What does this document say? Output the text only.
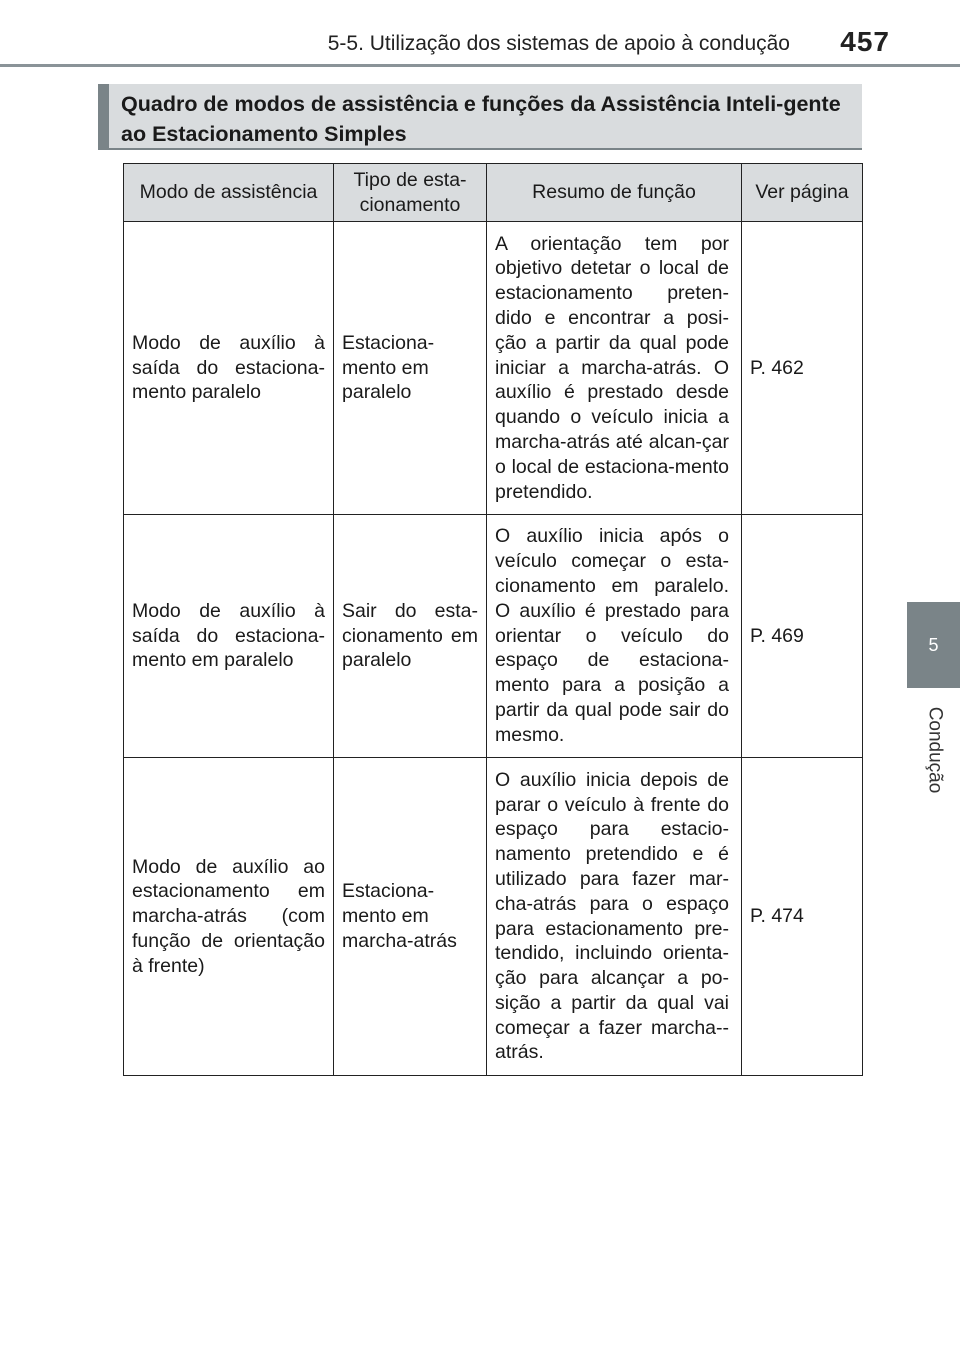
5-5. Utilização dos sistemas de apoio à condução 457
5
Condução
Quadro de modos de assistência e funções da Assistência Inteli-gente ao Estacionamento Simples
Modo de assistência	Tipo de esta-cionamento	Resumo de função	Ver página
Modo de auxílio à saída do estaciona-mento paralelo	Estaciona-mento em paralelo	A orientação tem por objetivo detetar o local de estacionamento preten-dido e encontrar a posi-ção a partir da qual pode iniciar a marcha-atrás. O auxílio é prestado desde quando o veículo inicia a marcha-atrás até alcan-çar o local de estaciona-mento pretendido.	P. 462
Modo de auxílio à saída do estaciona-mento em paralelo	Sair do esta-cionamento em paralelo	O auxílio inicia após o veículo começar o esta-cionamento em paralelo. O auxílio é prestado para orientar o veículo do espaço de estaciona-mento para a posição a partir da qual pode sair do mesmo.	P. 469
Modo de auxílio ao estacionamento em marcha-atrás (com função de orientação à frente)	Estaciona-mento em marcha-atrás	O auxílio inicia depois de parar o veículo à frente do espaço para estacio-namento pretendido e é utilizado para fazer mar-cha-atrás para o espaço para estacionamento pre-tendido, incluindo orienta-ção para alcançar a po-sição a partir da qual vai começar a fazer marcha--atrás.	P. 474
